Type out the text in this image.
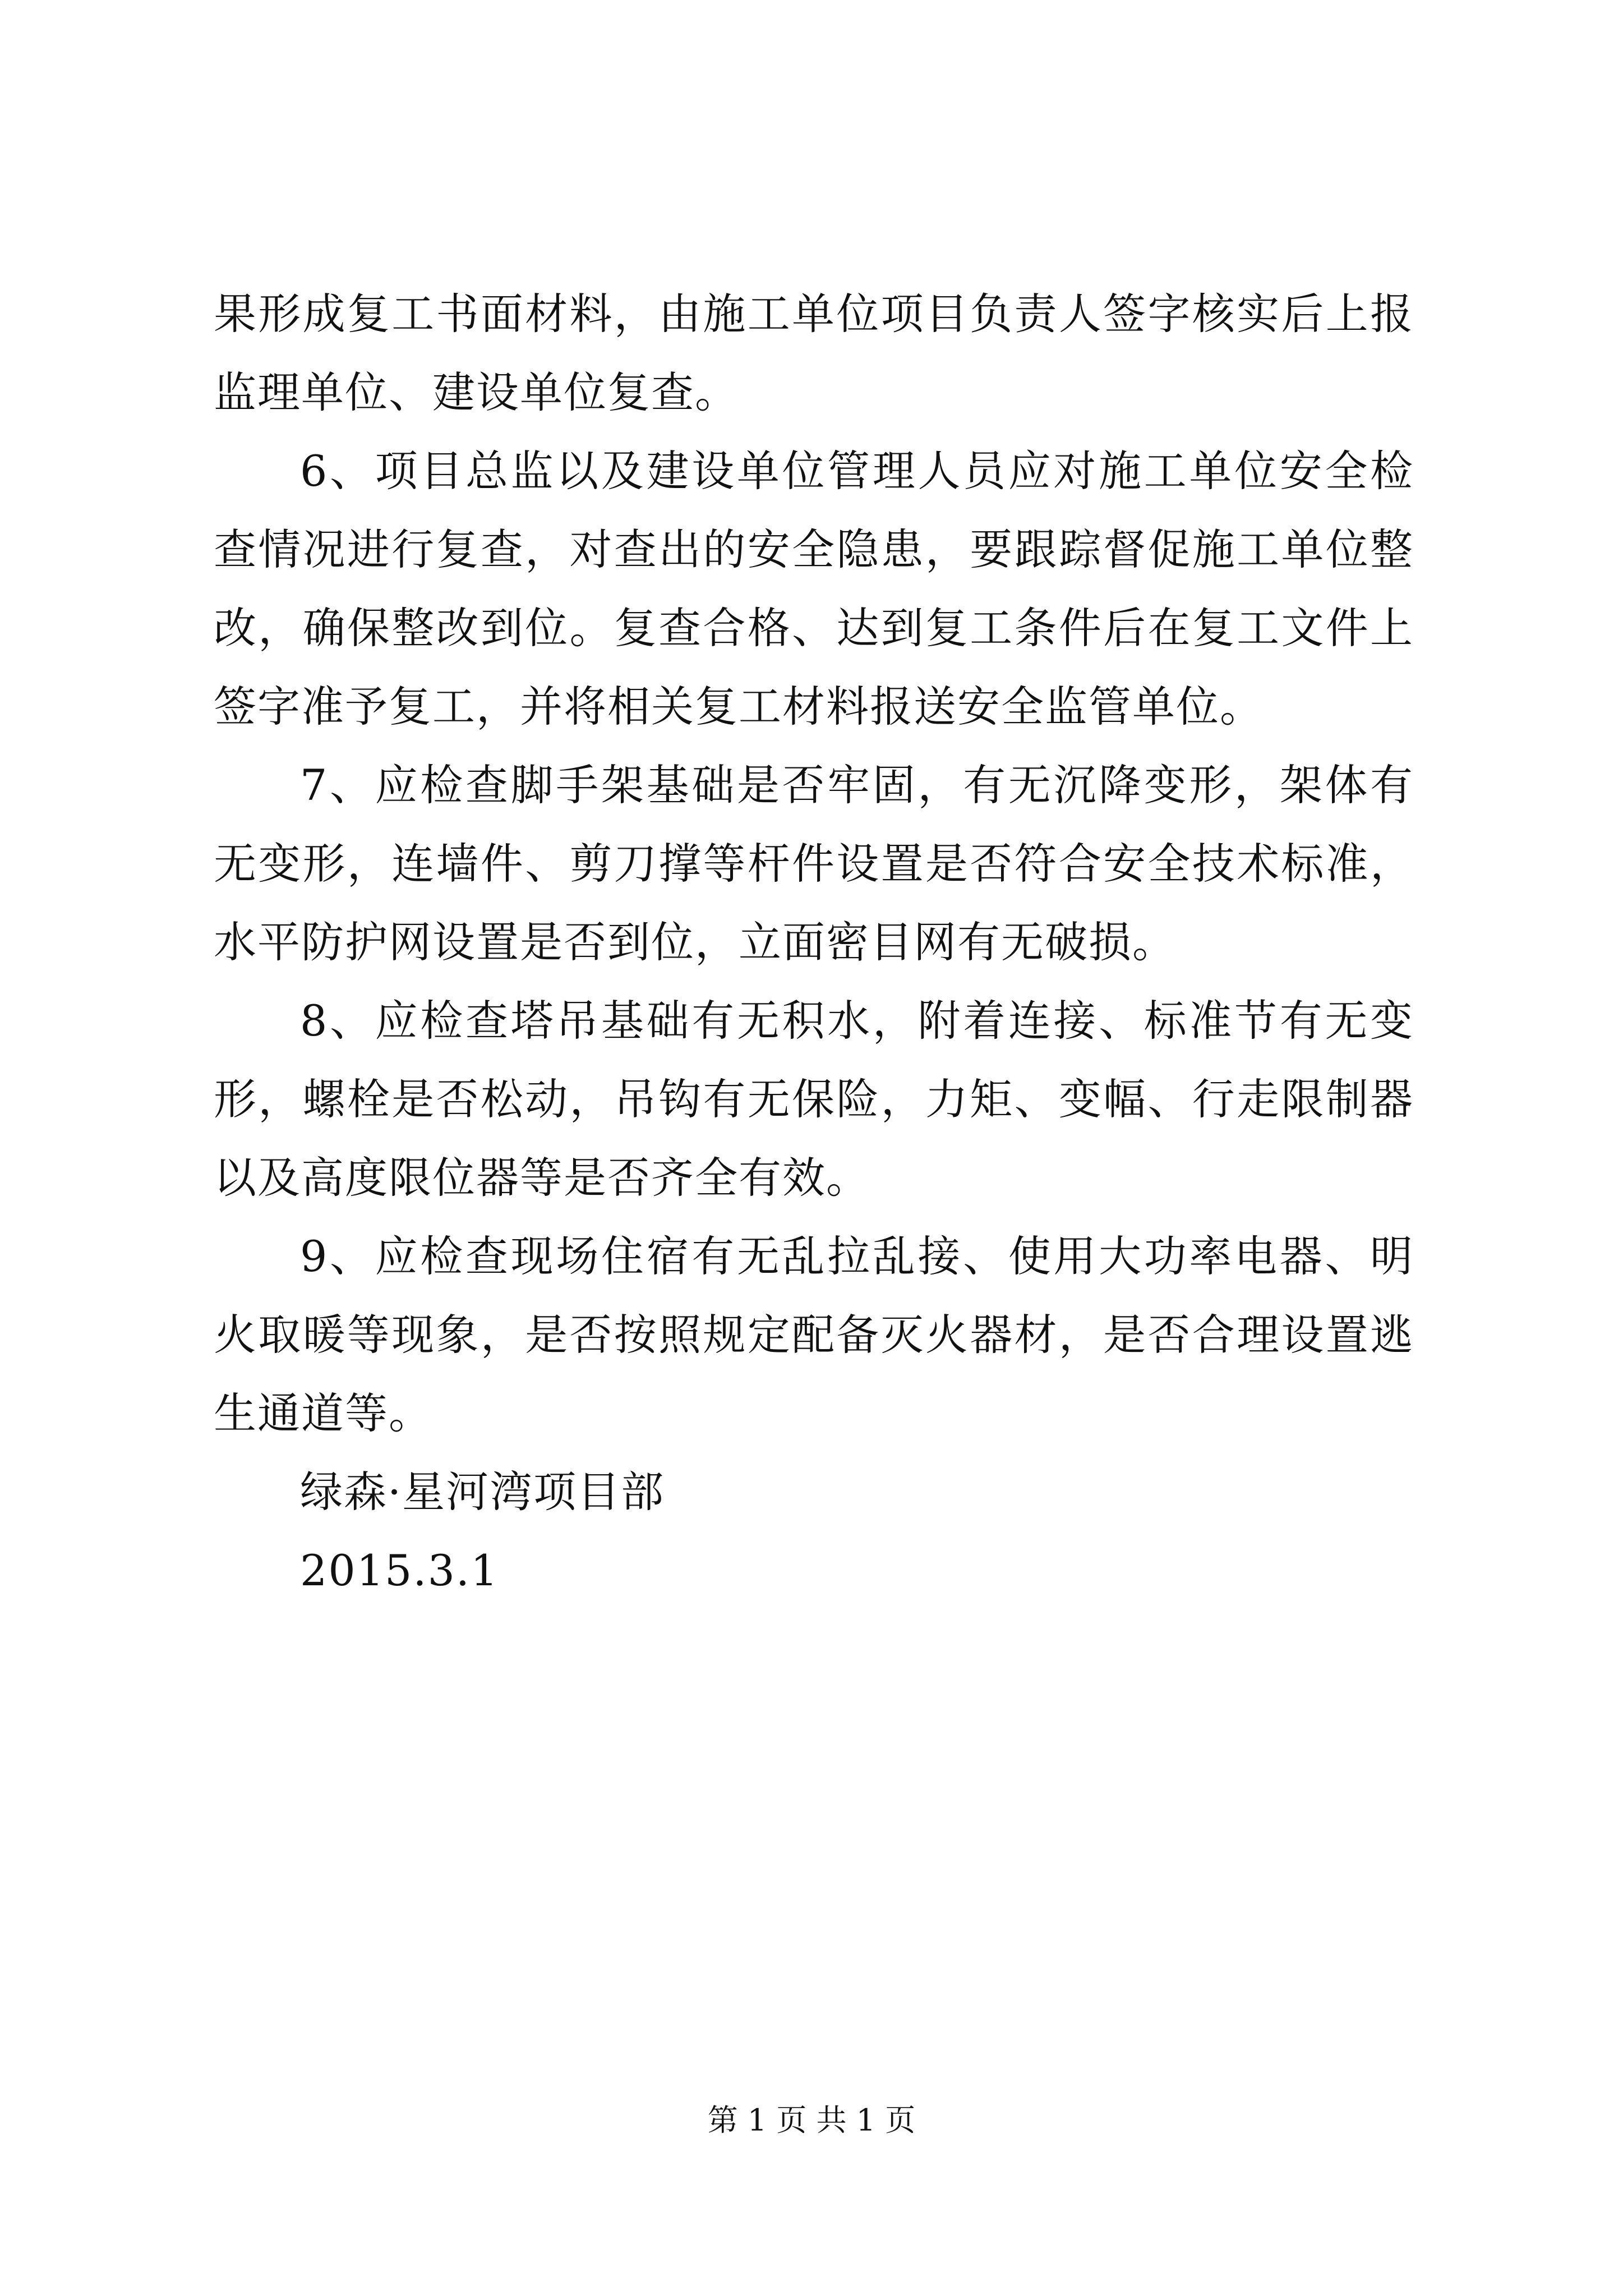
果形成复工书面材料，由施工单位项目负责人签字核实后上报监理单位、建设单位复查。

6、项目总监以及建设单位管理人员应对施工单位安全检查情况进行复查，对查出的安全隐患，要跟踪督促施工单位整改，确保整改到位。复查合格、达到复工条件后在复工文件上签字准予复工，并将相关复工材料报送安全监管单位。

7、应检查脚手架基础是否牢固，有无沉降变形，架体有无变形，连墙件、剪刀撑等杆件设置是否符合安全技术标准，水平防护网设置是否到位，立面密目网有无破损。

8、应检查塔吊基础有无积水，附着连接、标准节有无变形，螺栓是否松动，吊钩有无保险，力矩、变幅、行走限制器以及高度限位器等是否齐全有效。

9、应检查现场住宿有无乱拉乱接、使用大功率电器、明火取暖等现象，是否按照规定配备灭火器材，是否合理设置逃生通道等。

绿森·星河湾项目部

2015.3.1

第 1 页 共 1 页
